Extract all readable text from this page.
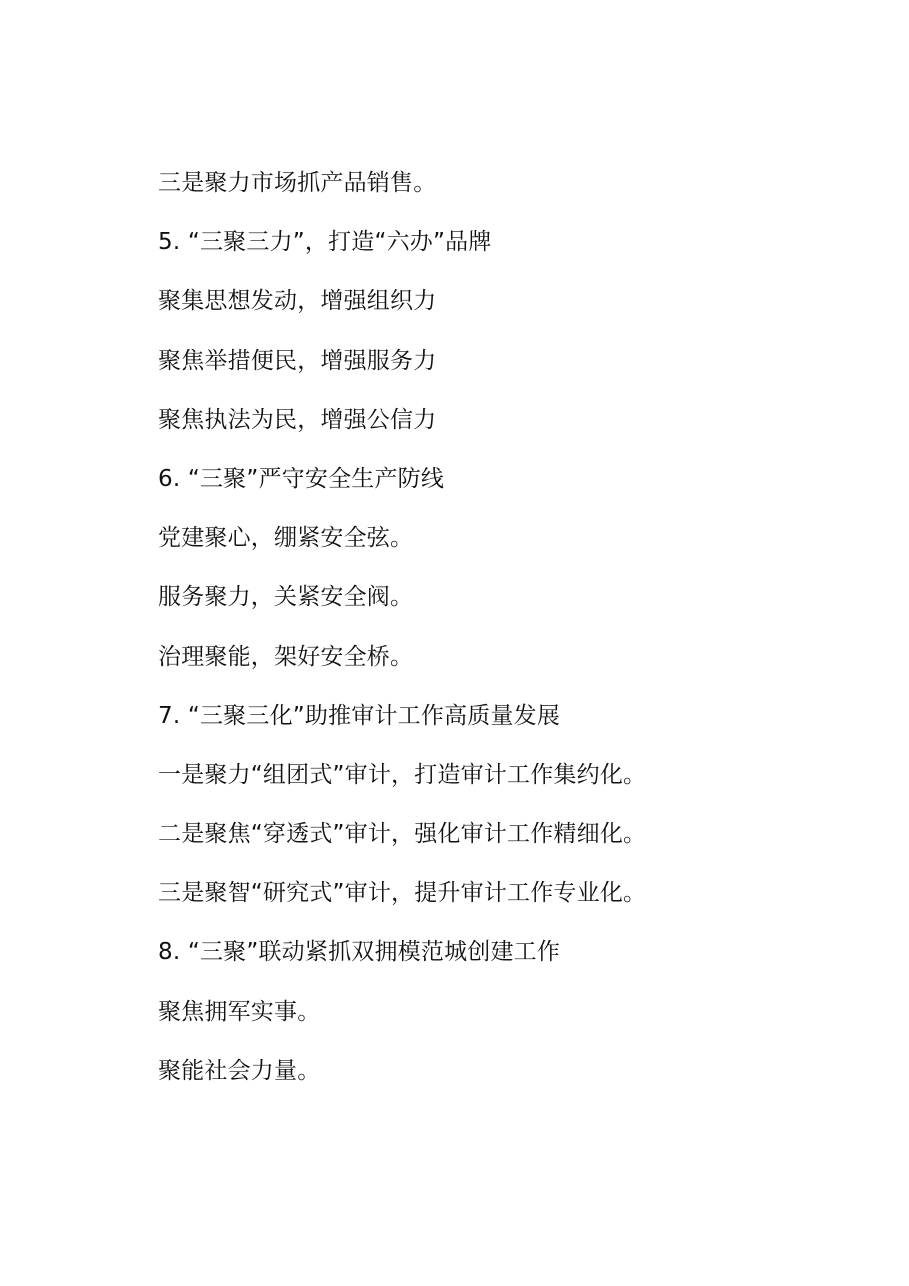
三是聚力市场抓产品销售。
5. “三聚三力”，打造“六办”品牌
聚集思想发动，增强组织力
聚焦举措便民，增强服务力
聚焦执法为民，增强公信力
6. “三聚”严守安全生产防线
党建聚心，绷紧安全弦。
服务聚力，关紧安全阀。
治理聚能，架好安全桥。
7. “三聚三化”助推审计工作高质量发展
一是聚力“组团式”审计，打造审计工作集约化。
二是聚焦“穿透式”审计，强化审计工作精细化。
三是聚智“研究式”审计，提升审计工作专业化。
8. “三聚”联动紧抓双拥模范城创建工作
聚焦拥军实事。
聚能社会力量。
